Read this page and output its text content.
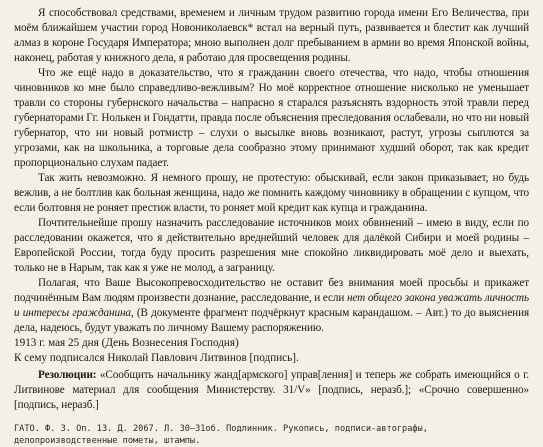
Я способствовал средствами, временем и личным трудом развитию города имени Его Величества, при моём ближайшем участии город Новониколаевск* встал на верный путь, развивается и блестит как лучший алмаз в короне Государя Императора; мною выполнен долг пребыванием в армии во время Японской войны, наконец, работая у книжного дела, я работаю для просвещения родины.

Что же ещё надо в доказательство, что я гражданин своего отечества, что надо, чтобы отношения чиновников ко мне было справедливо-вежливым? Но моё корректное отношение нисколько не уменьшает травли со стороны губернского начальства – напрасно я старался разъяснять вздорность этой травли перед губернаторами Гг. Нолькен и Гондатти, правда после объяснения преследования ослабевали, но что ни новый губернатор, что ни новый ротмистр – слухи о высылке вновь возникают, растут, угрозы сыплются за угрозами, как на школьника, а торговые дела сообразно этому принимают худший оборот, так как кредит пропорционально слухам падает.

Так жить невозможно. Я немного прошу, не протестую: обыскивай, если закон приказывает, но будь вежлив, а не болтлив как больная женщина, надо же помнить каждому чиновнику в обращении с купцом, что если болтовня не роняет престиж власти, то роняет мой кредит как купца и гражданина.

Почтительнейше прошу назначить расследование источников моих обвинений – имею в виду, если по расследовании окажется, что я действительно вреднейший человек для далёкой Сибири и моей родины – Европейской России, тогда буду просить разрешения мне спокойно ликвидировать моё дело и выехать, только не в Нарым, так как я уже не молод, а заграницу.

Полагая, что Ваше Высокопревосходительство не оставит без внимания моей просьбы и прикажет подчинённым Вам людям произвести дознание, расследование, и если нет общего закона уважать личность и интересы гражданина, (В документе фрагмент подчёркнут красным карандашом. – Авт.) то до выяснения дела, надеюсь, будут уважать по личному Вашему распоряжению.

1913 г. мая 25 дня (День Вознесения Господня)

К сему подписался Николай Павлович Литвинов [подпись].

Резолюции: «Сообщить начальнику жанд[армского] управ[ления] и теперь же собрать имеющийся о г. Литвинове материал для сообщения Министерству. 31/V» [подпись, неразб.]; «Срочно совершенно» [подпись, неразб.]

ГАТО. Ф. 3. Оп. 13. Д. 2067. Л. 30–31об. Подлинник. Рукопись, подписи-автографы,
делопроизводственные пометы, штампы.
